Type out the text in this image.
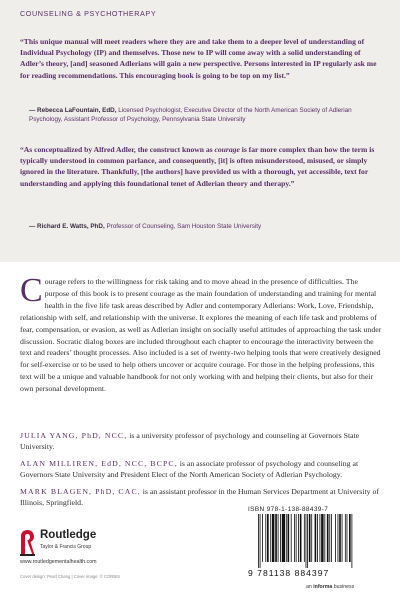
COUNSELING & PSYCHOTHERAPY

“This unique manual will meet readers where they are and take them to a deeper level of understanding of Individual Psychology (IP) and themselves. Those new to IP will come away with a solid understanding of Adler’s theory, [and] seasoned Adlerians will gain a new perspective. Persons interested in IP regularly ask me for reading recommendations. This encouraging book is going to be top on my list.”

— Rebecca LaFountain, EdD, Licensed Psychologist, Executive Director of the North American Society of Adlerian Psychology, Assistant Professor of Psychology, Pennsylvania State University

“As conceptualized by Alfred Adler, the construct known as courage is far more complex than how the term is typically understood in common parlance, and consequently, [it] is often misunderstood, misused, or simply ignored in the literature. Thankfully, [the authors] have provided us with a thorough, yet accessible, text for understanding and applying this foundational tenet of Adlerian theory and therapy.”

— Richard E. Watts, PhD, Professor of Counseling, Sam Houston State University

Courage refers to the willingness for risk taking and to move ahead in the presence of difficulties. The purpose of this book is to present courage as the main foundation of understanding and training for mental health in the five life task areas described by Adler and contemporary Adlerians: Work, Love, Friendship, relationship with self, and relationship with the universe. It explores the meaning of each life task and problems of fear, compensation, or evasion, as well as Adlerian insight on socially useful attitudes of approaching the task under discussion. Socratic dialog boxes are included throughout each chapter to encourage the interactivity between the text and readers’ thought processes. Also included is a set of twenty-two helping tools that were creatively designed for self-exercise or to be used to help others uncover or acquire courage. For those in the helping professions, this text will be a unique and valuable handbook for not only working with and helping their clients, but also for their own personal development.

JULIA YANG, PhD, NCC, is a university professor of psychology and counseling at Governors State University.

ALAN MILLIREN, EdD, NCC, BCPC, is an associate professor of psychology and counseling at Governors State University and President Elect of the North American Society of Adlerian Psychology.

MARK BLAGEN, PhD, CAC, is an assistant professor in the Human Services Department at University of Illinois, Springfield.

Routledge
Taylor & Francis Group
www.routledgementalhealth.com
Cover design: Pearl Chang | Cover image: © CORBIS
ISBN 978-1-138-88439-7
9 781138 884397
an informa business
